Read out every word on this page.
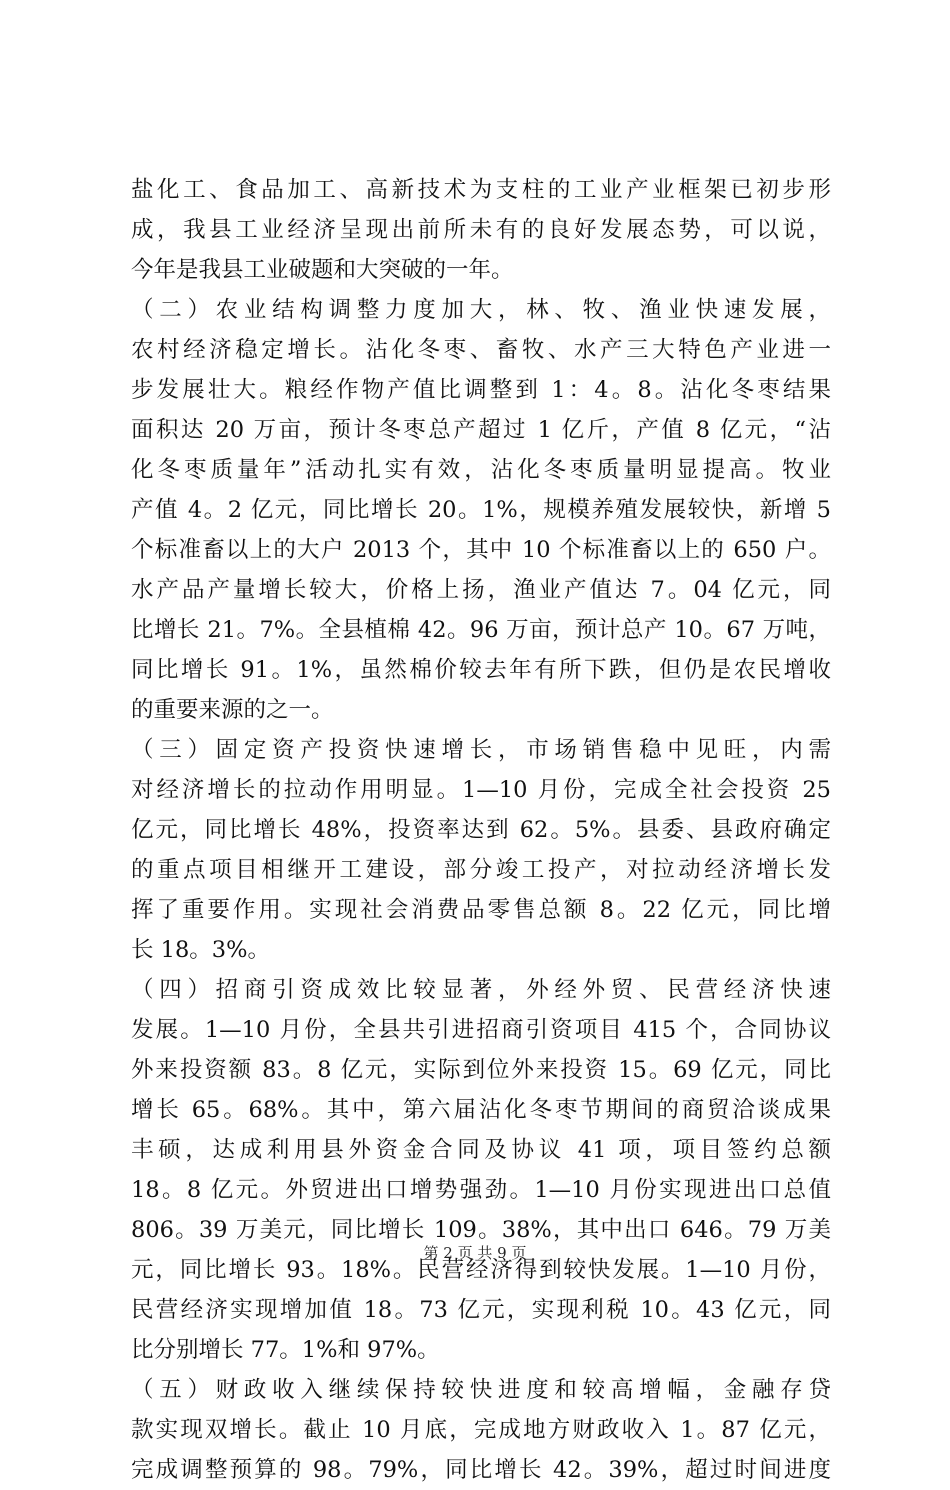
盐化工、食品加工、高新技术为支柱的工业产业框架已初步形
成，我县工业经济呈现出前所未有的良好发展态势，可以说，
今年是我县工业破题和大突破的一年。
（二）农业结构调整力度加大，林、牧、渔业快速发展，
农村经济稳定增长。沾化冬枣、畜牧、水产三大特色产业进一
步发展壮大。粮经作物产值比调整到 1：4。8。沾化冬枣结果
面积达 20 万亩，预计冬枣总产超过 1 亿斤，产值 8 亿元，“沾
化冬枣质量年”活动扎实有效，沾化冬枣质量明显提高。牧业
产值 4。2 亿元，同比增长 20。1%，规模养殖发展较快，新增 5
个标准畜以上的大户 2013 个，其中 10 个标准畜以上的 650 户。
水产品产量增长较大，价格上扬，渔业产值达 7。04 亿元，同
比增长 21。7%。全县植棉 42。96 万亩，预计总产 10。67 万吨，
同比增长 91。1%，虽然棉价较去年有所下跌，但仍是农民增收
的重要来源的之一。
（三）固定资产投资快速增长，市场销售稳中见旺，内需
对经济增长的拉动作用明显。1—10 月份，完成全社会投资 25
亿元，同比增长 48%，投资率达到 62。5%。县委、县政府确定
的重点项目相继开工建设，部分竣工投产，对拉动经济增长发
挥了重要作用。实现社会消费品零售总额 8。22 亿元，同比增
长 18。3%。
（四）招商引资成效比较显著，外经外贸、民营经济快速
发展。1—10 月份，全县共引进招商引资项目 415 个，合同协议
外来投资额 83。8 亿元，实际到位外来投资 15。69 亿元，同比
增长 65。68%。其中，第六届沾化冬枣节期间的商贸洽谈成果
丰硕，达成利用县外资金合同及协议 41 项，项目签约总额
18。8 亿元。外贸进出口增势强劲。1—10 月份实现进出口总值
806。39 万美元，同比增长 109。38%，其中出口 646。79 万美
元，同比增长 93。18%。民营经济得到较快发展。1—10 月份，
民营经济实现增加值 18。73 亿元，实现利税 10。43 亿元，同
比分别增长 77。1%和 97%。
（五）财政收入继续保持较快进度和较高增幅，金融存贷
款实现双增长。截止 10 月底，完成地方财政收入 1。87 亿元，
完成调整预算的 98。79%，同比增长 42。39%，超过时间进度
第 2 页 共 9 页
